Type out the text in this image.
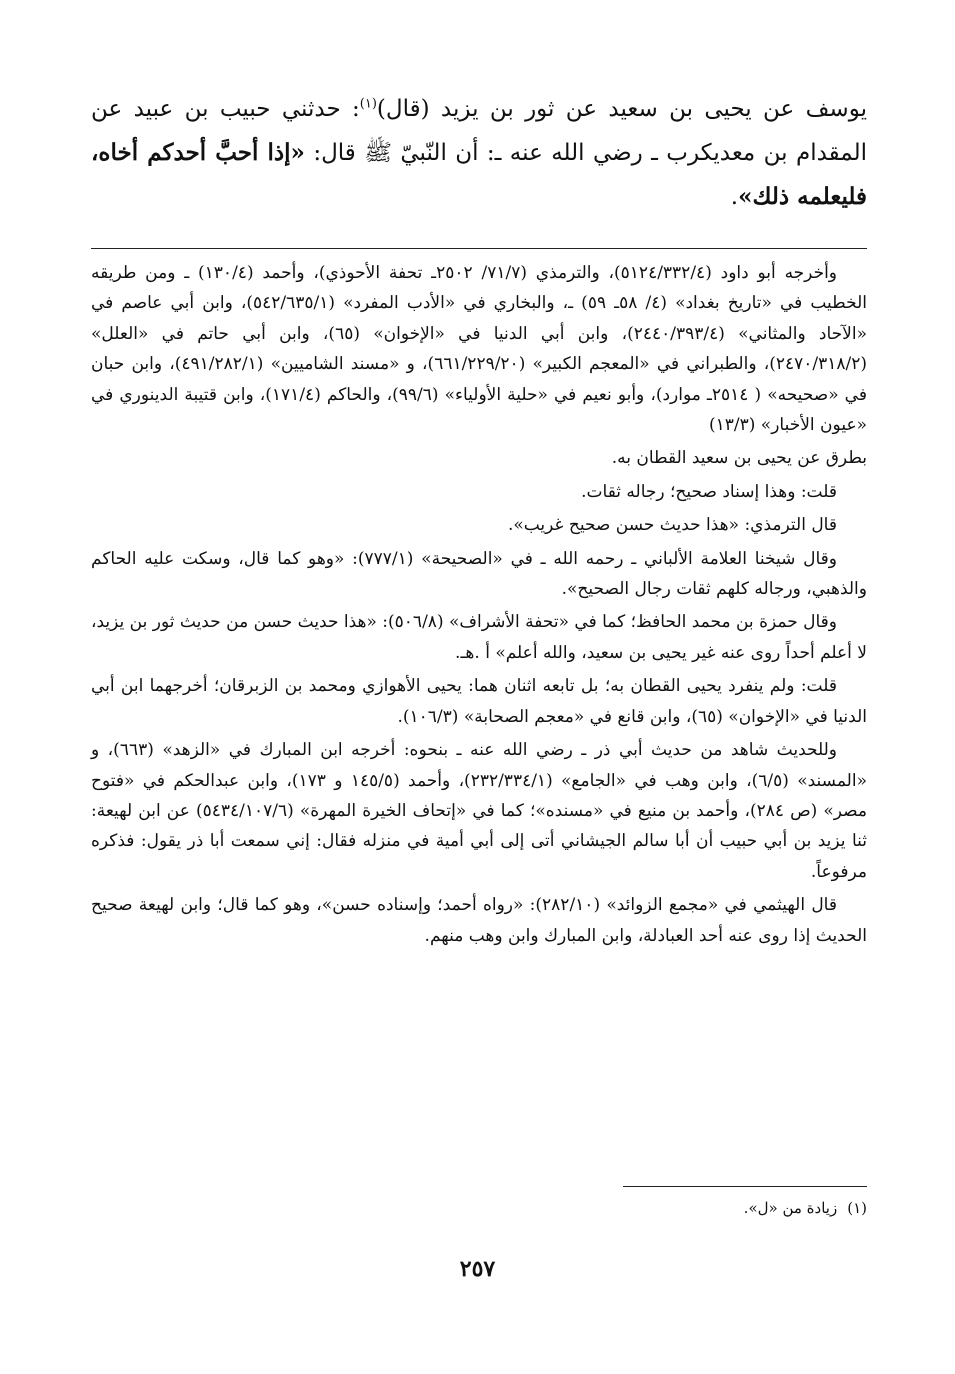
يوسف عن يحيى بن سعيد عن ثور بن يزيد (قال)$^{(١)}$: حدثني حبيب بن عبيد عن المقدام بن معديكرب ـ رضي الله عنه ـ: أن النّبيّ ﷺ قال: «إذا أحبَّ أحدكم أخاه، فليعلمه ذلك».

وأخرجه أبو داود (٥١٢٤/٣٣٢/٤)، والترمذي (٧١/٧/ ٢٥٠٢ـ تحفة الأحوذي)، وأحمد (١٣٠/٤) ـ ومن طريقه الخطيب في «تاريخ بغداد» (٤/ ٥٨ـ ٥٩) ـ، والبخاري في «الأدب المفرد» (٥٤٢/٦٣٥/١)، وابن أبي عاصم في «الآحاد والمثاني» (٢٤٤٠/٣٩٣/٤)، وابن أبي الدنيا في «الإخوان» (٦٥)، وابن أبي حاتم في «العلل» (٢٤٧٠/٣١٨/٢)، والطبراني في «المعجم الكبير» (٦٦١/٢٢٩/٢٠)، و «مسند الشاميين» (٤٩١/٢٨٢/١)، وابن حبان في «صحيحه» ( ٢٥١٤ـ موارد)، وأبو نعيم في «حلية الأولياء» (٩٩/٦)، والحاكم (١٧١/٤)، وابن قتيبة الدينوري في «عيون الأخبار» (١٣/٣)

بطرق عن يحيى بن سعيد القطان به.

قلت: وهذا إسناد صحيح؛ رجاله ثقات.

قال الترمذي: «هذا حديث حسن صحيح غريب».

وقال شيخنا العلامة الألباني ـ رحمه الله ـ في «الصحيحة» (٧٧٧/١): «وهو كما قال، وسكت عليه الحاكم والذهبي، ورجاله كلهم ثقات رجال الصحيح».

وقال حمزة بن محمد الحافظ؛ كما في «تحفة الأشراف» (٥٠٦/٨): «هذا حديث حسن من حديث ثور بن يزيد، لا أعلم أحداً روى عنه غير يحيى بن سعيد، والله أعلم» أ .هـ.

قلت: ولم ينفرد يحيى القطان به؛ بل تابعه اثنان هما: يحيى الأهوازي ومحمد بن الزبرقان؛ أخرجهما ابن أبي الدنيا في «الإخوان» (٦٥)، وابن قانع في «معجم الصحابة» (١٠٦/٣).

وللحديث شاهد من حديث أبي ذر ـ رضي الله عنه ـ بنحوه: أخرجه ابن المبارك في «الزهد» (٦٦٣)، و «المسند» (٦/٥)، وابن وهب في «الجامع» (٢٣٢/٣٣٤/١)، وأحمد (١٤٥/٥ و ١٧٣)، وابن عبدالحكم في «فتوح مصر» (ص ٢٨٤)، وأحمد بن منيع في «مسنده»؛ كما في «إتحاف الخيرة المهرة» (٥٤٣٤/١٠٧/٦) عن ابن لهيعة: ثنا يزيد بن أبي حبيب أن أبا سالم الجيشاني أتى إلى أبي أمية في منزله فقال: إني سمعت أبا ذر يقول: فذكره مرفوعاً.

قال الهيثمي في «مجمع الزوائد» (٢٨٢/١٠): «رواه أحمد؛ وإسناده حسن»، وهو كما قال؛ وابن لهيعة صحيح الحديث إذا روى عنه أحد العبادلة، وابن المبارك وابن وهب منهم.

(١)زيادة من «ل».
٢٥٧
